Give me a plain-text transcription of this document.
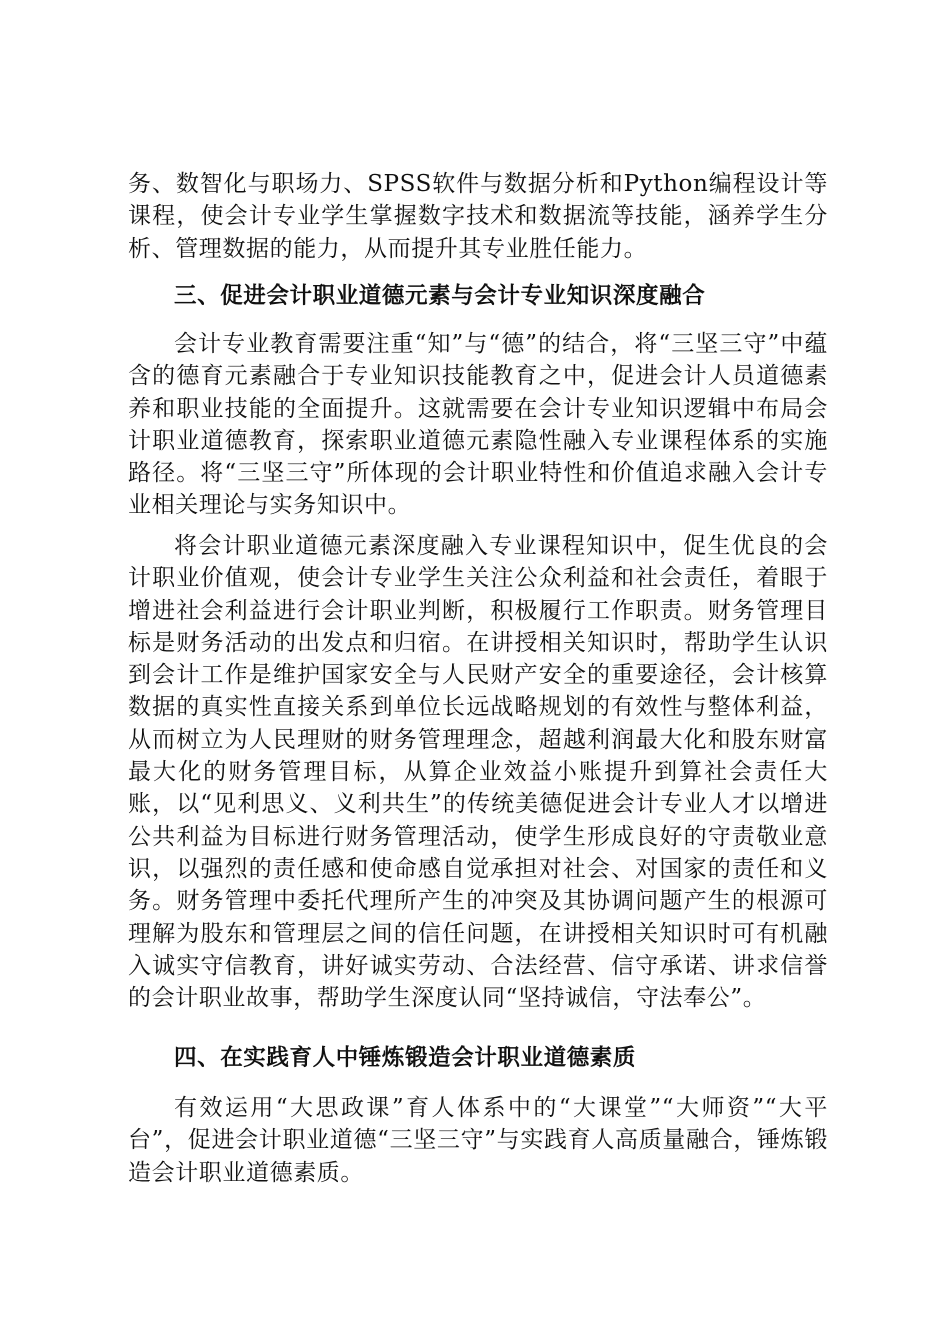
务、数智化与职场力、SPSS软件与数据分析和Python编程设计等课程，使会计专业学生掌握数字技术和数据流等技能，涵养学生分析、管理数据的能力，从而提升其专业胜任能力。

三、促进会计职业道德元素与会计专业知识深度融合

会计专业教育需要注重“知”与“德”的结合，将“三坚三守”中蕴含的德育元素融合于专业知识技能教育之中，促进会计人员道德素养和职业技能的全面提升。这就需要在会计专业知识逻辑中布局会计职业道德教育，探索职业道德元素隐性融入专业课程体系的实施路径。将“三坚三守”所体现的会计职业特性和价值追求融入会计专业相关理论与实务知识中。

将会计职业道德元素深度融入专业课程知识中，促生优良的会计职业价值观，使会计专业学生关注公众利益和社会责任，着眼于增进社会利益进行会计职业判断，积极履行工作职责。财务管理目标是财务活动的出发点和归宿。在讲授相关知识时，帮助学生认识到会计工作是维护国家安全与人民财产安全的重要途径，会计核算数据的真实性直接关系到单位长远战略规划的有效性与整体利益，从而树立为人民理财的财务管理理念，超越利润最大化和股东财富最大化的财务管理目标，从算企业效益小账提升到算社会责任大账，以“见利思义、义利共生”的传统美德促进会计专业人才以增进公共利益为目标进行财务管理活动，使学生形成良好的守责敬业意识，以强烈的责任感和使命感自觉承担对社会、对国家的责任和义务。财务管理中委托代理所产生的冲突及其协调问题产生的根源可理解为股东和管理层之间的信任问题，在讲授相关知识时可有机融入诚实守信教育，讲好诚实劳动、合法经营、信守承诺、讲求信誉的会计职业故事，帮助学生深度认同“坚持诚信，守法奉公”。

四、在实践育人中锤炼锻造会计职业道德素质

有效运用“大思政课”育人体系中的“大课堂”“大师资”“大平台”，促进会计职业道德“三坚三守”与实践育人高质量融合，锤炼锻造会计职业道德素质。
